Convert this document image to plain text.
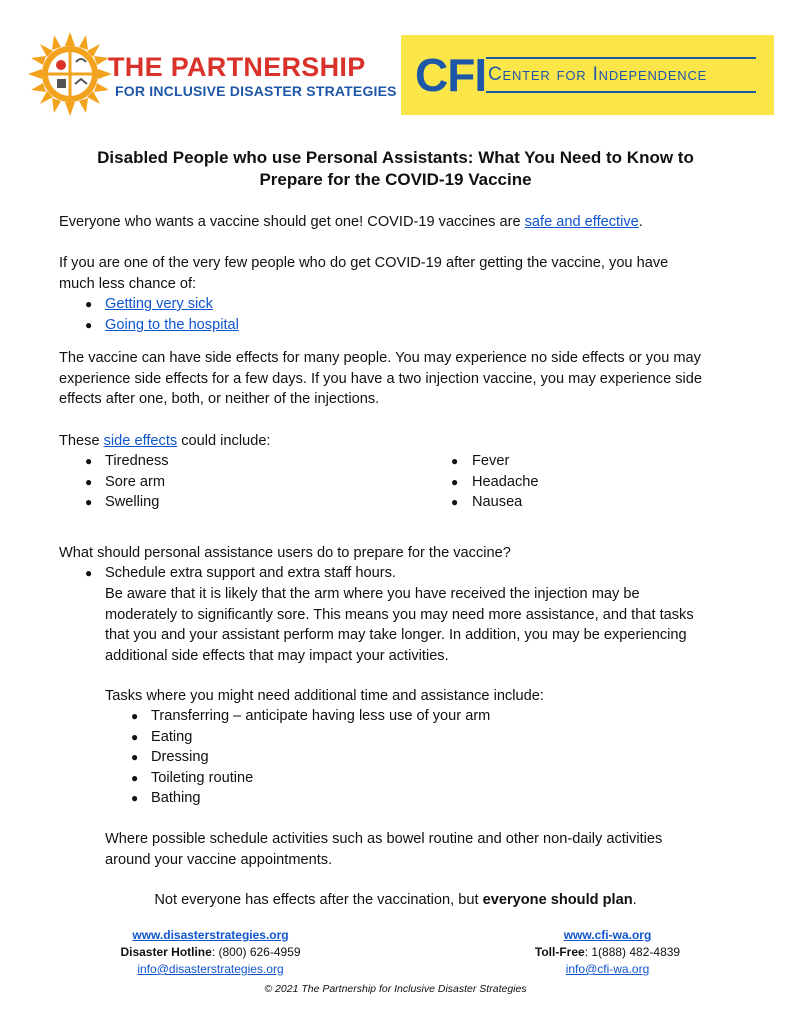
THE PARTNERSHIP
FOR INCLUSIVE DISASTER STRATEGIES CFI Center for Independence
Disabled People who use Personal Assistants: What You Need to Know to
Prepare for the COVID-19 Vaccine
Everyone who wants a vaccine should get one! COVID-19 vaccines are safe and effective.
If you are one of the very few people who do get COVID-19 after getting the vaccine, you have
much less chance of:
● Getting very sick
● Going to the hospital
The vaccine can have side effects for many people. You may experience no side effects or you may
experience side effects for a few days. If you have a two injection vaccine, you may experience side
effects after one, both, or neither of the injections.
These side effects could include:
● Tiredness
● Sore arm
● Swelling
● Fever
● Headache
● Nausea
What should personal assistance users do to prepare for the vaccine?
● Schedule extra support and extra staff hours.
Be aware that it is likely that the arm where you have received the injection may be
moderately to significantly sore. This means you may need more assistance, and that tasks
that you and your assistant perform may take longer. In addition, you may be experiencing
additional side effects that may impact your activities.
Tasks where you might need additional time and assistance include:
● Transferring – anticipate having less use of your arm
● Eating
● Dressing
● Toileting routine
● Bathing
Where possible schedule activities such as bowel routine and other non-daily activities
around your vaccine appointments.
Not everyone has effects after the vaccination, but everyone should plan.
www.disasterstrategies.org
Disaster Hotline: (800) 626-4959
info@disasterstrategies.org
www.cfi-wa.org
Toll-Free: 1(888) 482-4839
info@cfi-wa.org
© 2021 The Partnership for Inclusive Disaster Strategies
